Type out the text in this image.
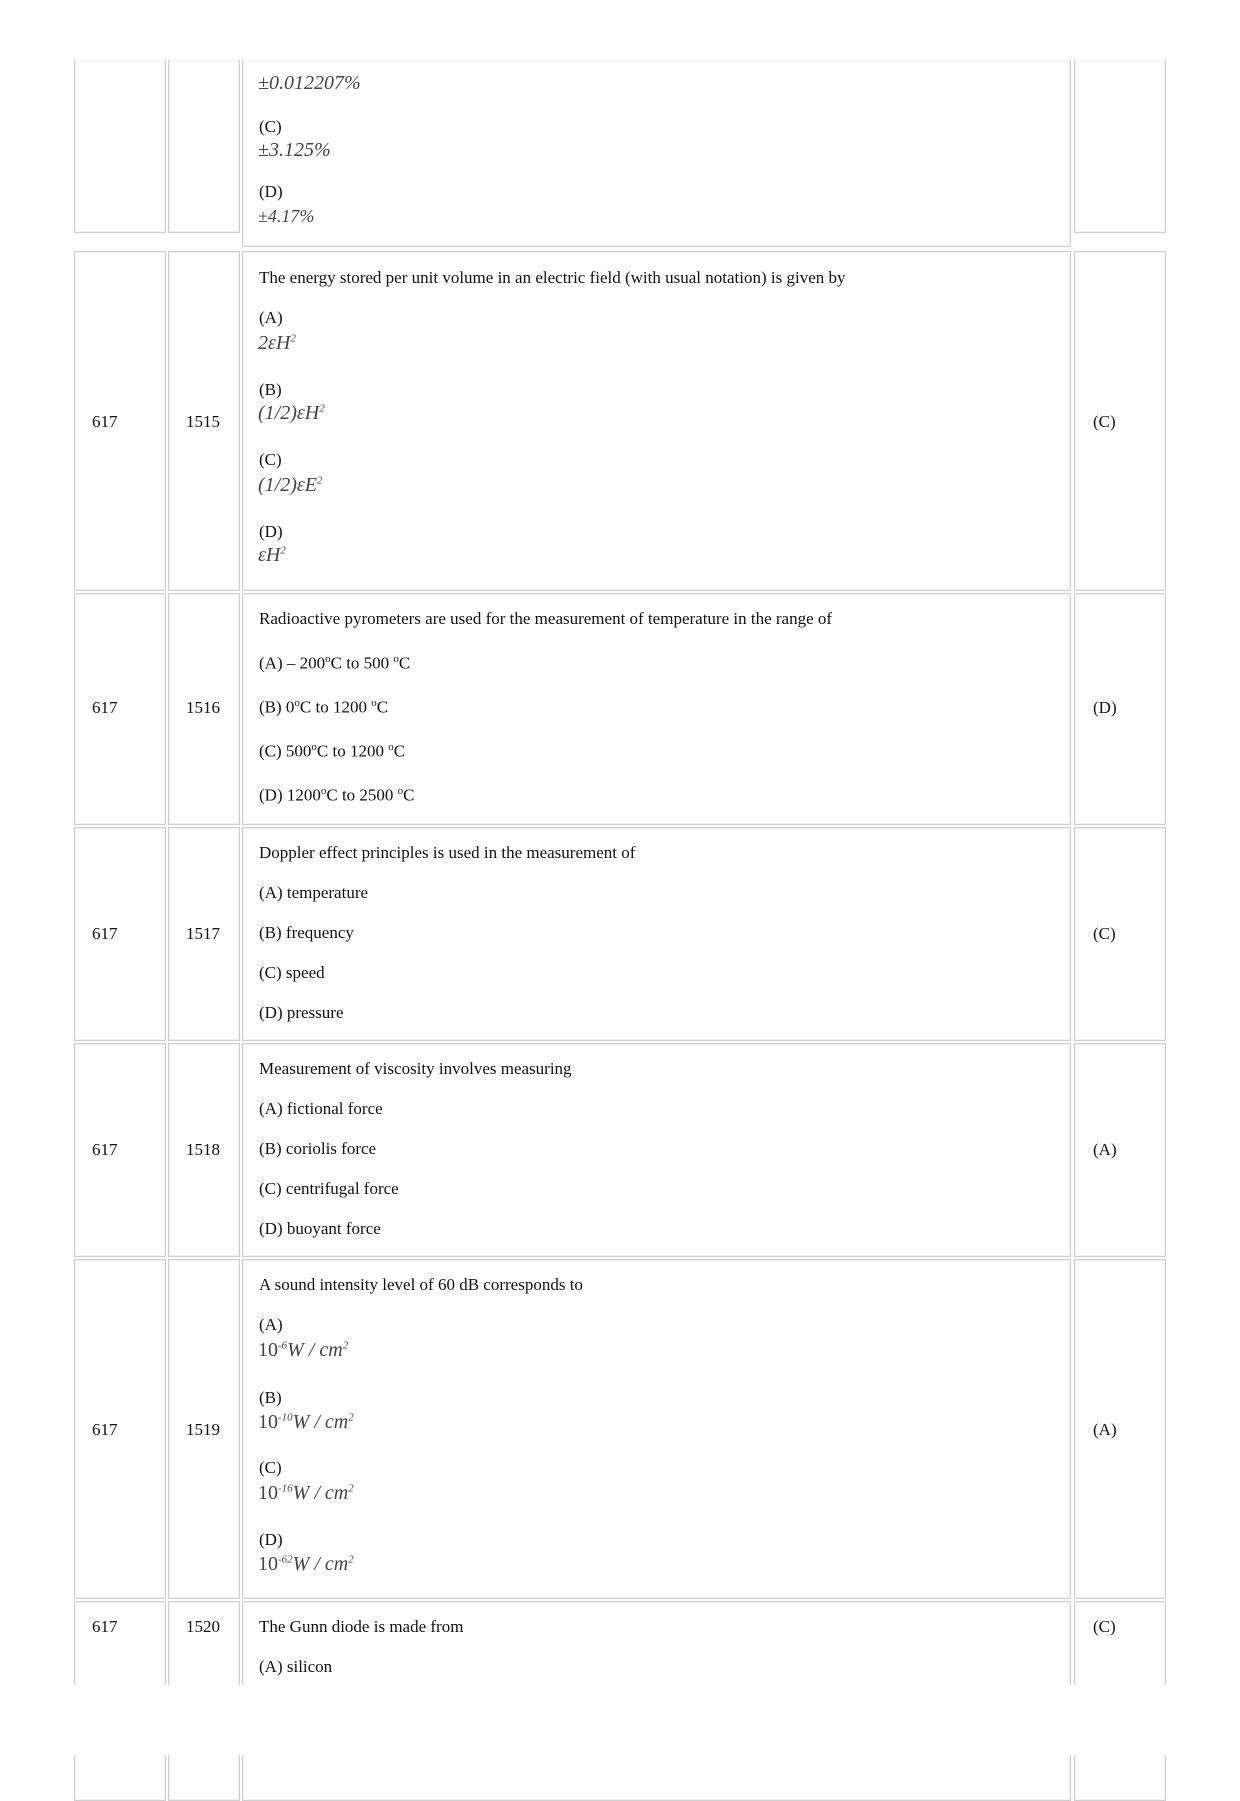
±0.012207%
(C)
±3.125%
(D)
±4.17%
617	1515
The energy stored per unit volume in an electric field (with usual notation) is given by
(A)
$2\varepsilon H^2$
(B)
$(1/2)\varepsilon H^2$
(C)
$(1/2)\varepsilon E^2$
(D)
$\varepsilon H^2$
(C)
617	1516
Radioactive pyrometers are used for the measurement of temperature in the range of
(A) – 200$^o$C to 500 $^o$C
(B) 0$^o$C to 1200 $^o$C
(C) 500$^o$C to 1200 $^o$C
(D) 1200$^o$C to 2500 $^o$C
(D)
617	1517
Doppler effect principles is used in the measurement of
(A) temperature
(B) frequency
(C) speed
(D) pressure
(C)
617	1518
Measurement of viscosity involves measuring
(A) fictional force
(B) coriolis force
(C) centrifugal force
(D) buoyant force
(A)
617	1519
A sound intensity level of 60 dB corresponds to
(A)
$10^{-6}W / cm^2$
(B)
$10^{-10}W / cm^2$
(C)
$10^{-16}W / cm^2$
(D)
$10^{-62}W / cm^2$
(A)
617	1520 The Gunn diode is made from
(A) silicon
(C)
